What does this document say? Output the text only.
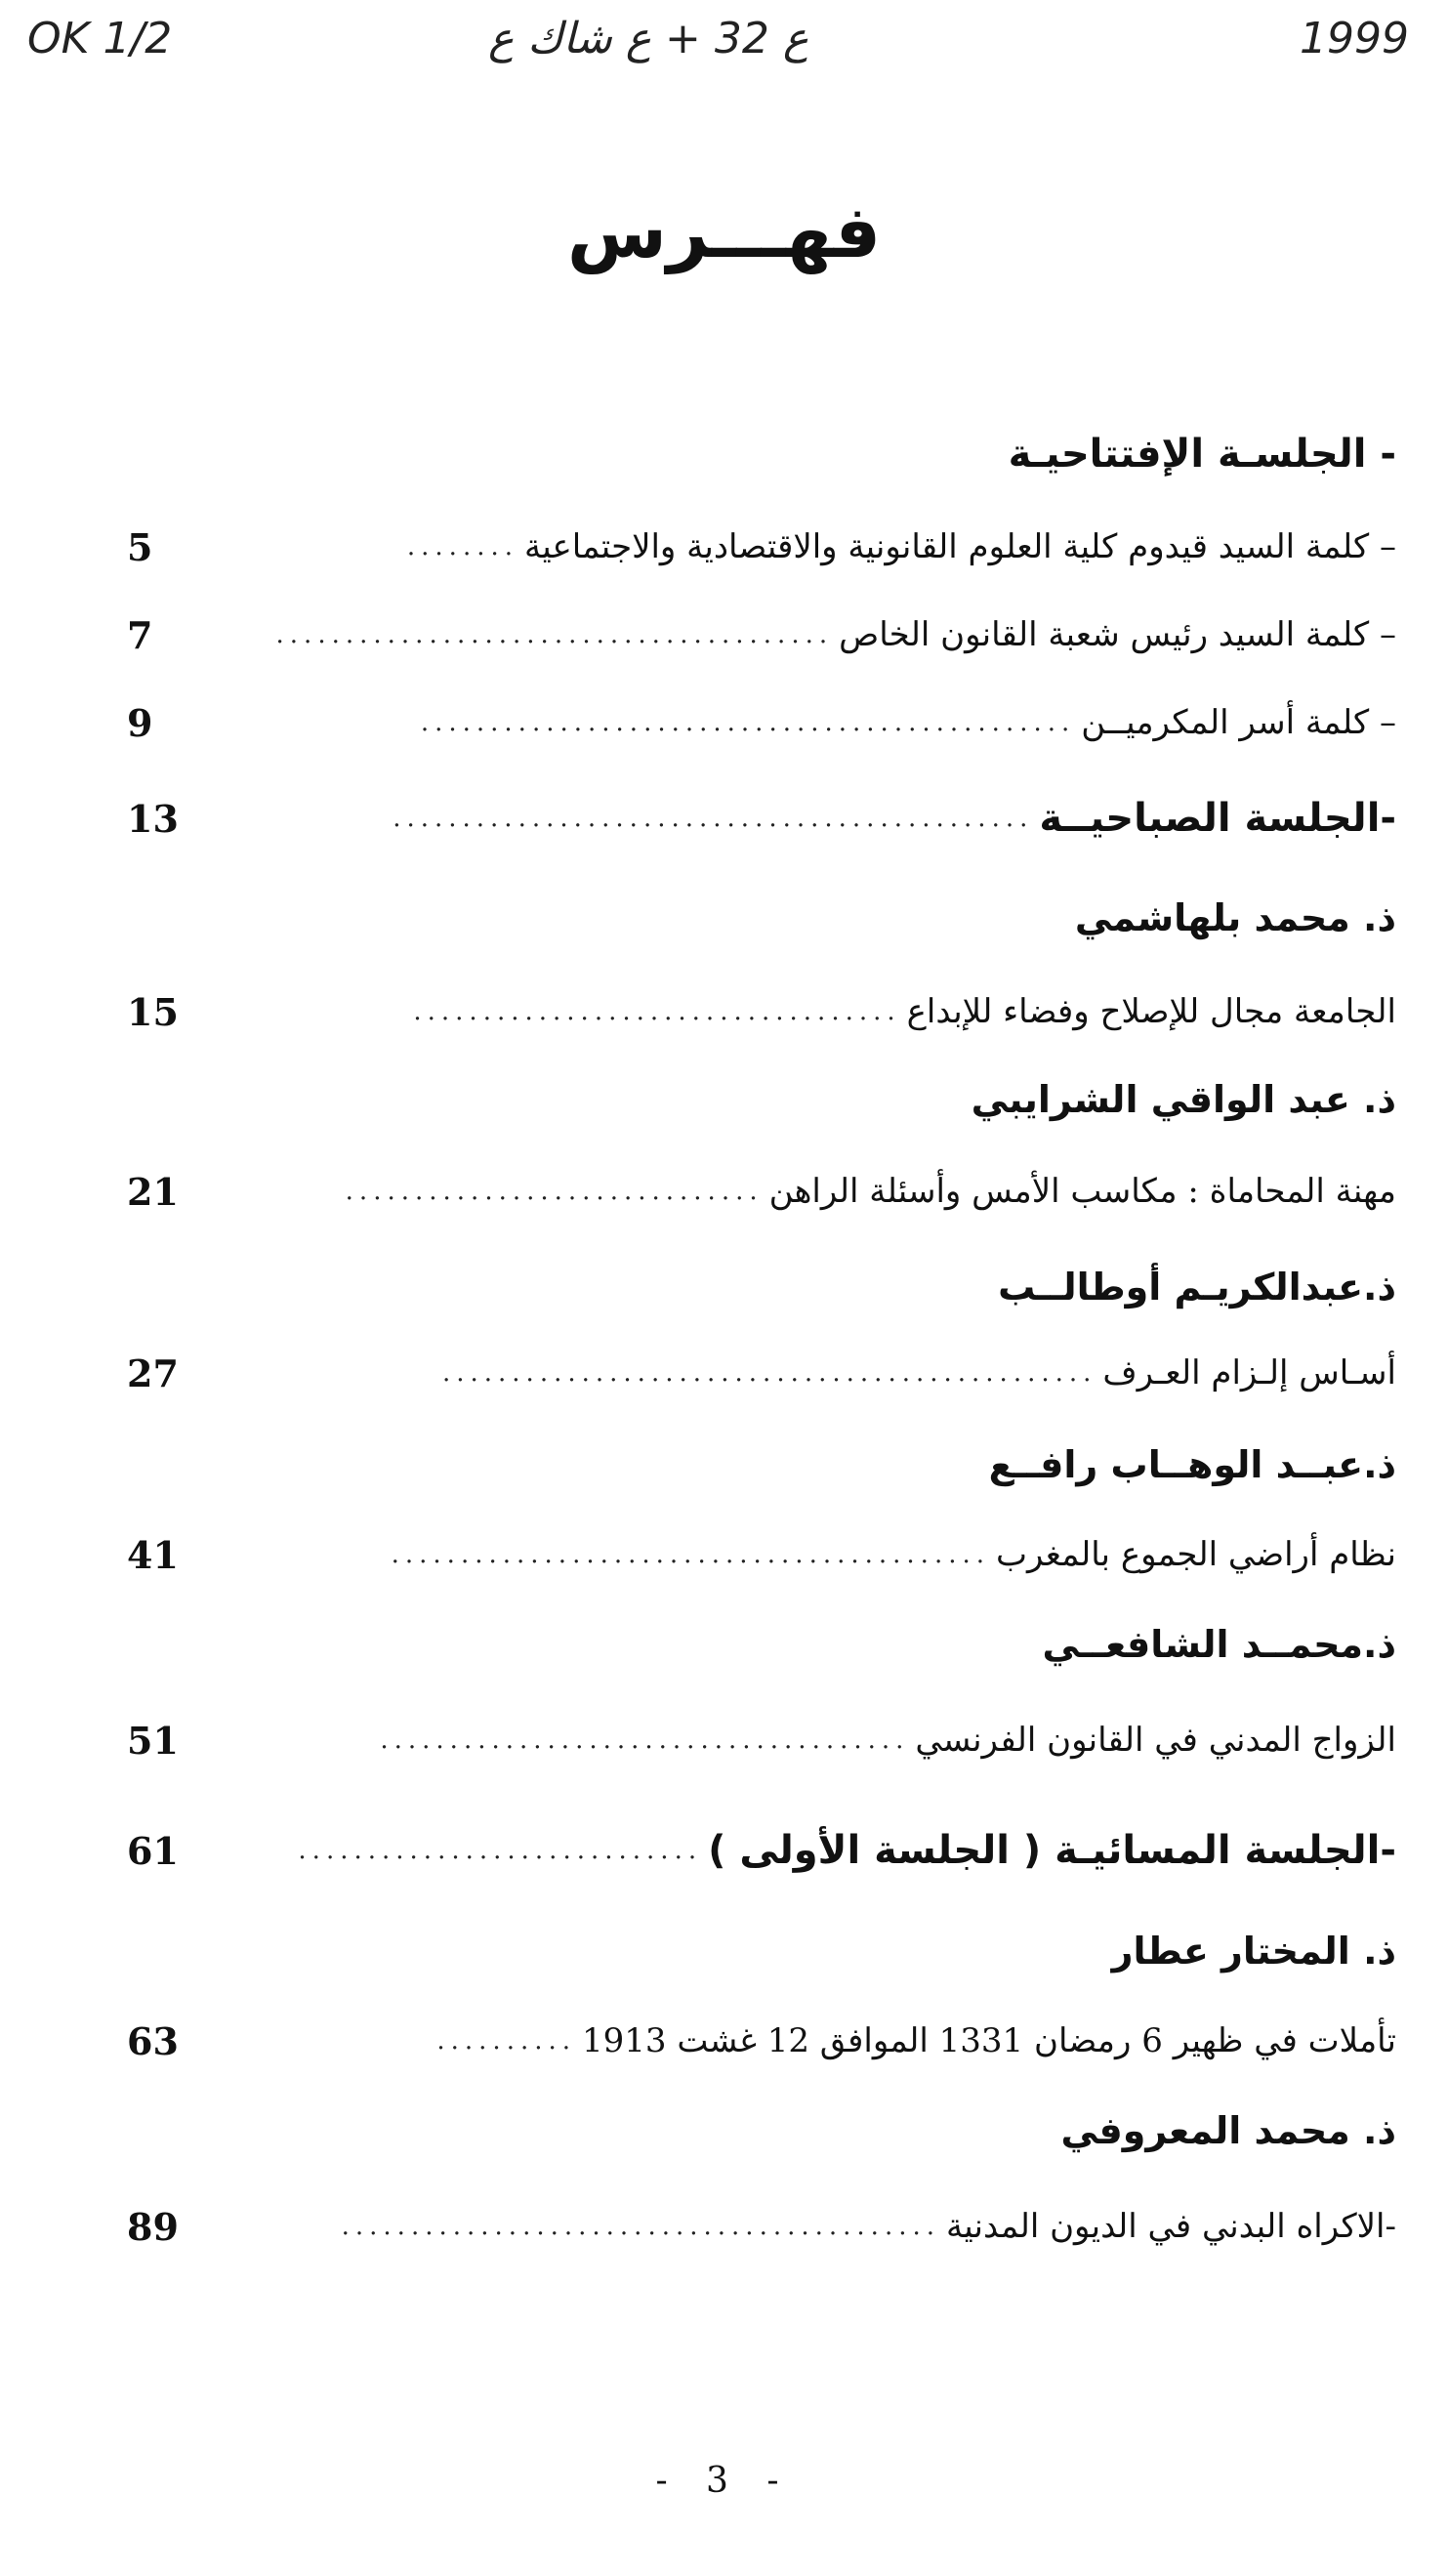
OK 1/2	ع 32 + ع شاك ع	1999
فهـــرس
- الجلسـة الإفتتاحيـة
– كلمة السيد قيدوم كلية العلوم القانونية والاقتصادية والاجتماعية
........
5
– كلمة السيد رئيس شعبة القانون الخاص
........................................
7
– كلمة أسر المكرميــن
...............................................
9
-الجلسة الصباحيــة
..............................................
13
ذ. محمد بلهاشمي
الجامعة مجال للإصلاح وفضاء للإبداع
...................................
15
ذ. عبد الواقي الشرايبي
مهنة المحاماة : مكاسب الأمس وأسئلة الراهن
..............................
21
ذ.عبدالكريـم أوطالــب
أسـاس إلـزام العـرف
...............................................
27
ذ.عبــد الوهــاب رافــع
نظام أراضي الجموع بالمغرب
...........................................
41
ذ.محمــد الشافعــي
الزواج المدني في القانون الفرنسي
......................................
51
-الجلسة المسائيـة ( الجلسة الأولى )
.............................
61
ذ. المختار عطار
تأملات في ظهير 6 رمضان 1331 الموافق 12 غشت 1913
..........
63
ذ. محمد المعروفي
-الاكراه البدني في الديون المدنية
...........................................
89
- 3 -
